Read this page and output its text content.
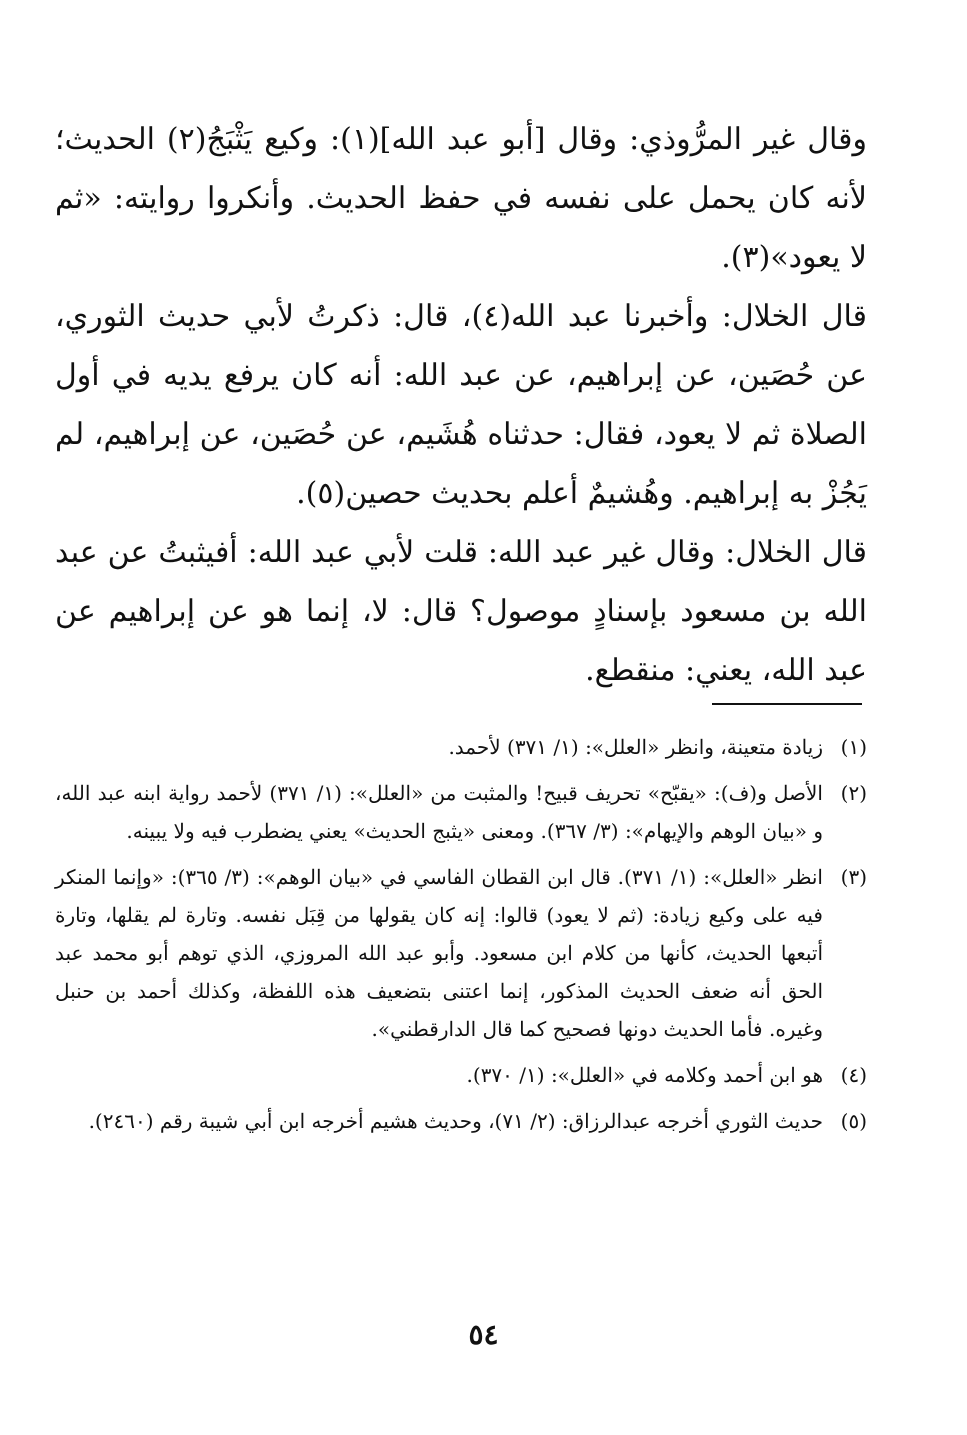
وقال غير المرُّوذي: وقال [أبو عبد الله](١): وكيع يَثْبَجُ(٢) الحديث؛ لأنه كان يحمل على نفسه في حفظ الحديث. وأنكروا روايته: «ثم لا يعود»(٣).

قال الخلال: وأخبرنا عبد الله(٤)، قال: ذكرتُ لأبي حديث الثوري، عن حُصَين، عن إبراهيم، عن عبد الله: أنه كان يرفع يديه في أول الصلاة ثم لا يعود، فقال: حدثناه هُشَيم، عن حُصَين، عن إبراهيم، لم يَجُزْ به إبراهيم. وهُشيمٌ أعلم بحديث حصين(٥).

قال الخلال: وقال غير عبد الله: قلت لأبي عبد الله: أفيثبتُ عن عبد الله بن مسعود بإسنادٍ موصول؟ قال: لا، إنما هو عن إبراهيم عن عبد الله، يعني: منقطع.

(١)
زيادة متعينة، وانظر «العلل»: (١/ ٣٧١) لأحمد.
(٢)
الأصل و(ف): «يقبّح» تحريف قبيح! والمثبت من «العلل»: (١/ ٣٧١) لأحمد رواية ابنه عبد الله، و «بيان الوهم والإيهام»: (٣/ ٣٦٧). ومعنى «يثبج الحديث» يعني يضطرب فيه ولا يبينه.
(٣)
انظر «العلل»: (١/ ٣٧١). قال ابن القطان الفاسي في «بيان الوهم»: (٣/ ٣٦٥): «وإنما المنكر فيه على وكيع زيادة: (ثم لا يعود) قالوا: إنه كان يقولها من قِبَل نفسه. وتارة لم يقلها، وتارة أتبعها الحديث، كأنها من كلام ابن مسعود. وأبو عبد الله المروزي، الذي توهم أبو محمد عبد الحق أنه ضعف الحديث المذكور، إنما اعتنى بتضعيف هذه اللفظة، وكذلك أحمد بن حنبل وغيره. فأما الحديث دونها فصحيح كما قال الدارقطني».
(٤)
هو ابن أحمد وكلامه في «العلل»: (١/ ٣٧٠).
(٥)
حديث الثوري أخرجه عبدالرزاق: (٢/ ٧١)، وحديث هشيم أخرجه ابن أبي شيبة رقم (٢٤٦٠).
٥٤
